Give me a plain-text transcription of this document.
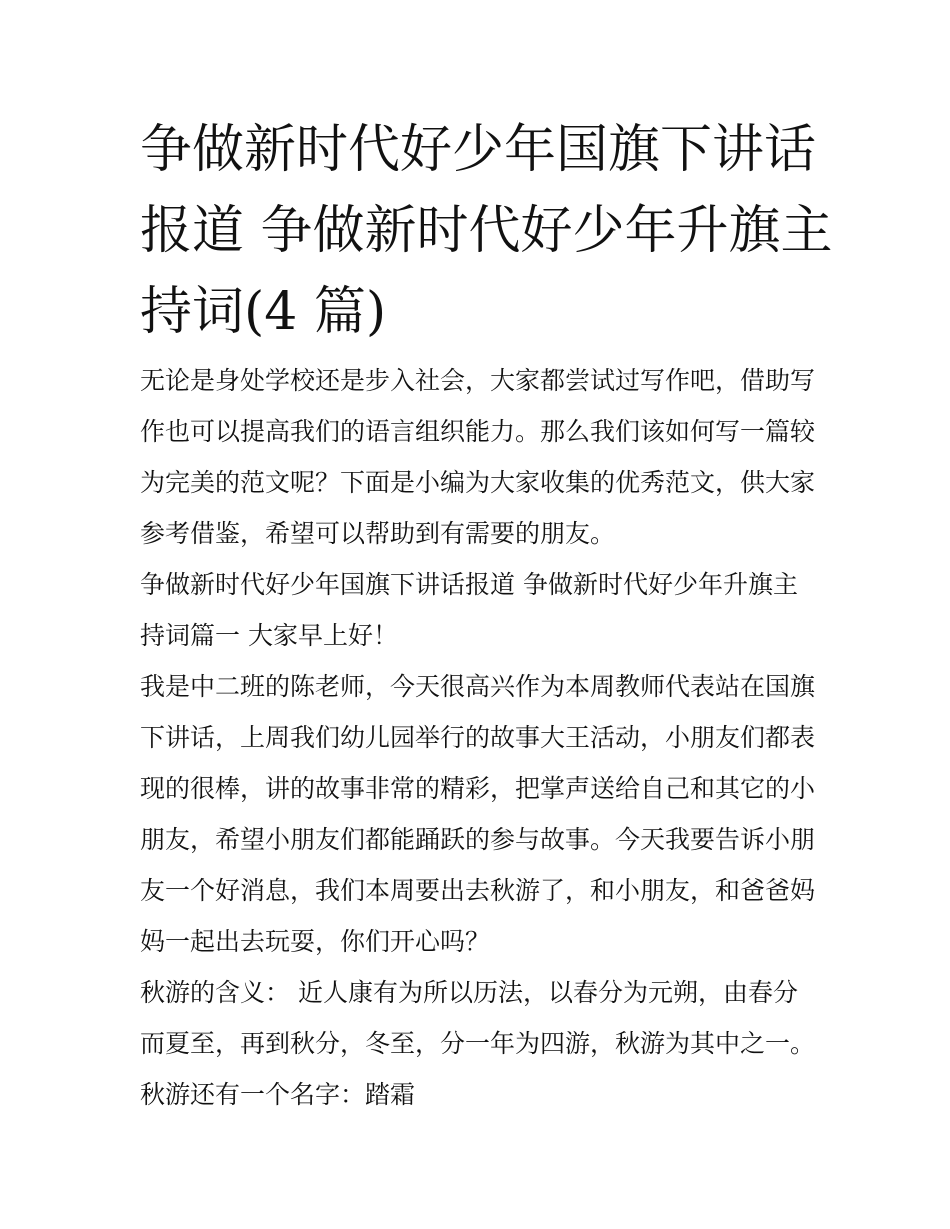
争做新时代好少年国旗下讲话
报道 争做新时代好少年升旗主
持词(4 篇)
无论是身处学校还是步入社会，大家都尝试过写作吧，借助写
作也可以提高我们的语言组织能力。那么我们该如何写一篇较
为完美的范文呢？下面是小编为大家收集的优秀范文，供大家
参考借鉴，希望可以帮助到有需要的朋友。
争做新时代好少年国旗下讲话报道 争做新时代好少年升旗主
持词篇一 大家早上好！
我是中二班的陈老师，今天很高兴作为本周教师代表站在国旗
下讲话，上周我们幼儿园举行的故事大王活动，小朋友们都表
现的很棒，讲的故事非常的精彩，把掌声送给自己和其它的小
朋友，希望小朋友们都能踊跃的参与故事。今天我要告诉小朋
友一个好消息，我们本周要出去秋游了，和小朋友，和爸爸妈
妈一起出去玩耍，你们开心吗？
秋游的含义： 近人康有为所以历法，以春分为元朔，由春分
而夏至，再到秋分，冬至，分一年为四游，秋游为其中之一。
秋游还有一个名字：踏霜
